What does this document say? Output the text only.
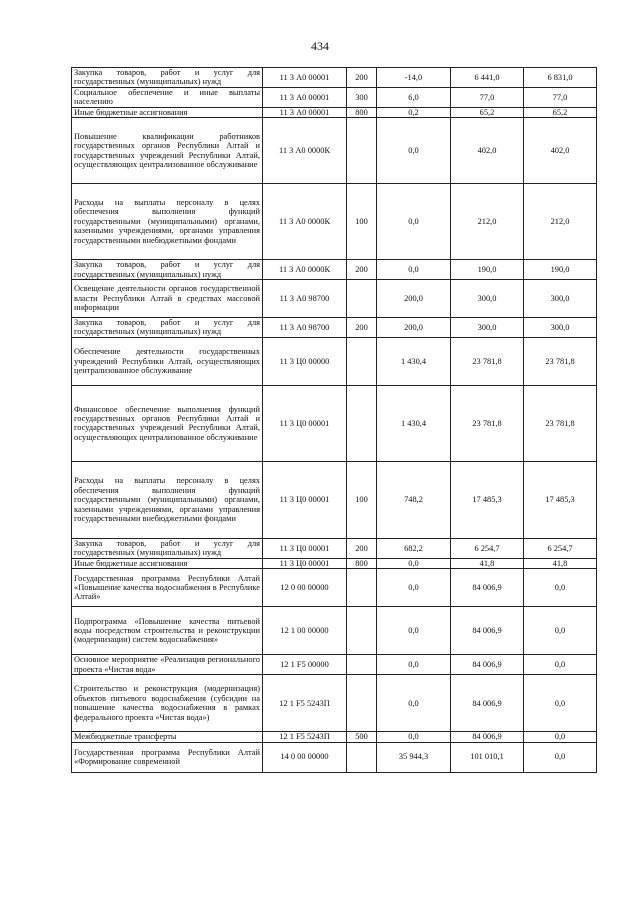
434
Закупка товаров, работ и услуг для государственных (муниципальных) нужд	11 3 А0 00001	200	-14,0	6 441,0	6 831,0
Социальное обеспечение и иные выплаты населению	11 3 А0 00001	300	6,0	77,0	77,0
Иные бюджетные ассигнования	11 3 А0 00001	800	0,2	65,2	65,2
Повышение квалификации работников государственных органов Республики Алтай и государственных учреждений Республики Алтай, осуществляющих централизованное обслуживание	11 3 А0 0000К		0,0	402,0	402,0
Расходы на выплаты персоналу в целях обеспечения выполнения функций государственными (муниципальными) органами, казенными учреждениями, органами управления государственными внебюджетными фондами	11 3 А0 0000К	100	0,0	212,0	212,0
Закупка товаров, работ и услуг для государственных (муниципальных) нужд	11 3 А0 0000К	200	0,0	190,0	190,0
Освещение деятельности органов государственной власти Республики Алтай в средствах массовой информации	11 3 А0 98700		200,0	300,0	300,0
Закупка товаров, работ и услуг для государственных (муниципальных) нужд	11 3 А0 98700	200	200,0	300,0	300,0
Обеспечение деятельности государственных учреждений Республики Алтай, осуществляющих централизованное обслуживание	11 3 Ц0 00000		1 430,4	23 781,8	23 781,8
Финансовое обеспечение выполнения функций государственных органов Республики Алтай и государственных учреждений Республики Алтай, осуществляющих централизованное обслуживание	11 3 Ц0 00001		1 430,4	23 781,8	23 781,8
Расходы на выплаты персоналу в целях обеспечения выполнения функций государственными (муниципальными) органами, казенными учреждениями, органами управления государственными внебюджетными фондами	11 3 Ц0 00001	100	748,2	17 485,3	17 485,3
Закупка товаров, работ и услуг для государственных (муниципальных) нужд	11 3 Ц0 00001	200	682,2	6 254,7	6 254,7
Иные бюджетные ассигнования	11 3 Ц0 00001	800	0,0	41,8	41,8
Государственная программа Республики Алтай «Повышение качества водоснабжения в Республике Алтай»	12 0 00 00000		0,0	84 006,9	0,0
Подпрограмма «Повышение качества питьевой воды посредством строительства и реконструкции (модернизации) систем водоснабжения»	12 1 00 00000		0,0	84 006,9	0,0
Основное мероприятие «Реализация регионального проекта «Чистая вода»	12 1 F5 00000		0,0	84 006,9	0,0
Строительство и реконструкция (модернизация) объектов питьевого водоснабжения (субсидии на повышение качества водоснабжения в рамках федерального проекта «Чистая вода»)	12 1 F5 5243П		0,0	84 006,9	0,0
Межбюджетные трансферты	12 1 F5 5243П	500	0,0	84 006,9	0,0
Государственная программа Республики Алтай «Формирование современной	14 0 00 00000		35 944,3	101 010,1	0,0
